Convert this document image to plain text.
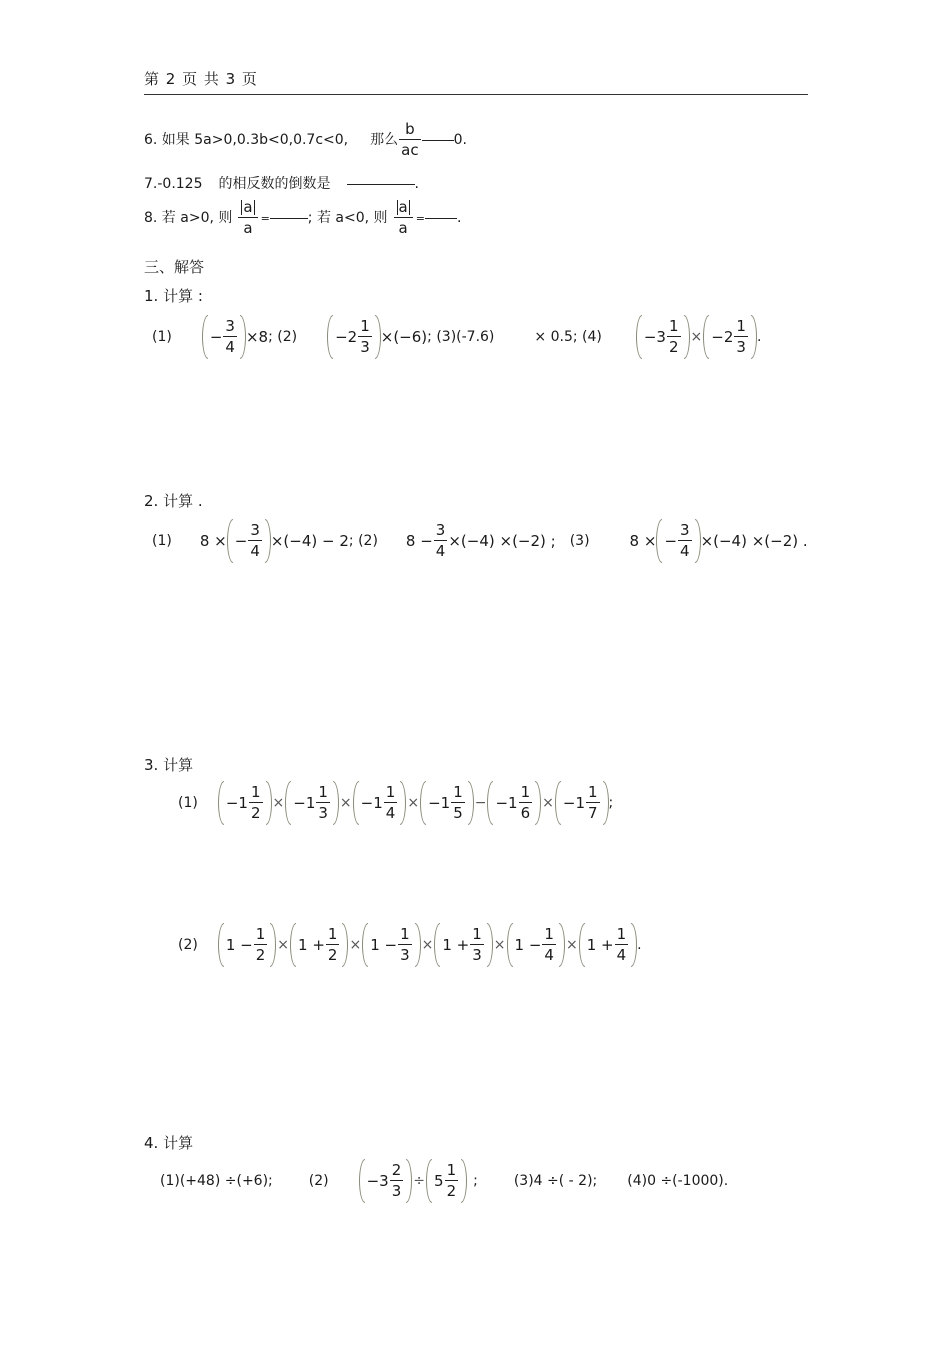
第 2 页 共 3 页
6. 如果 5a>0,0.3b<0,0.7c<0, 那么 $\frac{b}{ac} 0$.
7.-0.125 的相反数的倒数是	.
8. 若 a>0, 则 $\frac{a}{a}$ =	; 若 a<0, 则 $\frac{a}{a}$ = .
三、解答
1. 计算 :
(1)	− $\frac{3}{4} \times 8$ ; (2)	$-2 \frac{1}{3} \times(-6)$ ; (3)(-7.6)	× 0.5; (4)	$-3 \frac{1}{2} \times -2 \frac{1}{3}$ .
2. 计算 .
(1) 8 × − $\frac{3}{4} \times(-4) - 2$ ; (2) $8 - \frac{3}{4} \times(-4) \times(-2)$ ; (3)	8 × − $\frac{3}{4} \times(-4) \times(-2)$ .
3. 计算
$(1) -1 \frac{1}{2} \times -1 \frac{1}{3} \times -1 \frac{1}{4} \times -1 \frac{1}{5} - -1 \frac{1}{6} \times -1 \frac{1}{7}$ ;
(2) $1 - \frac{1}{2} \times 1 + \frac{1}{2} \times 1 - \frac{1}{3} \times 1 + \frac{1}{3} \times 1 - \frac{1}{4} \times 1 + \frac{1}{4}$ .
4. 计算
(1)(+48) ÷(+6);	(2)	$-3 \frac{2}{3} \div 5 \frac{1}{2}$ ;	(3)4 ÷( - 2); (4)0 ÷(-1000).
